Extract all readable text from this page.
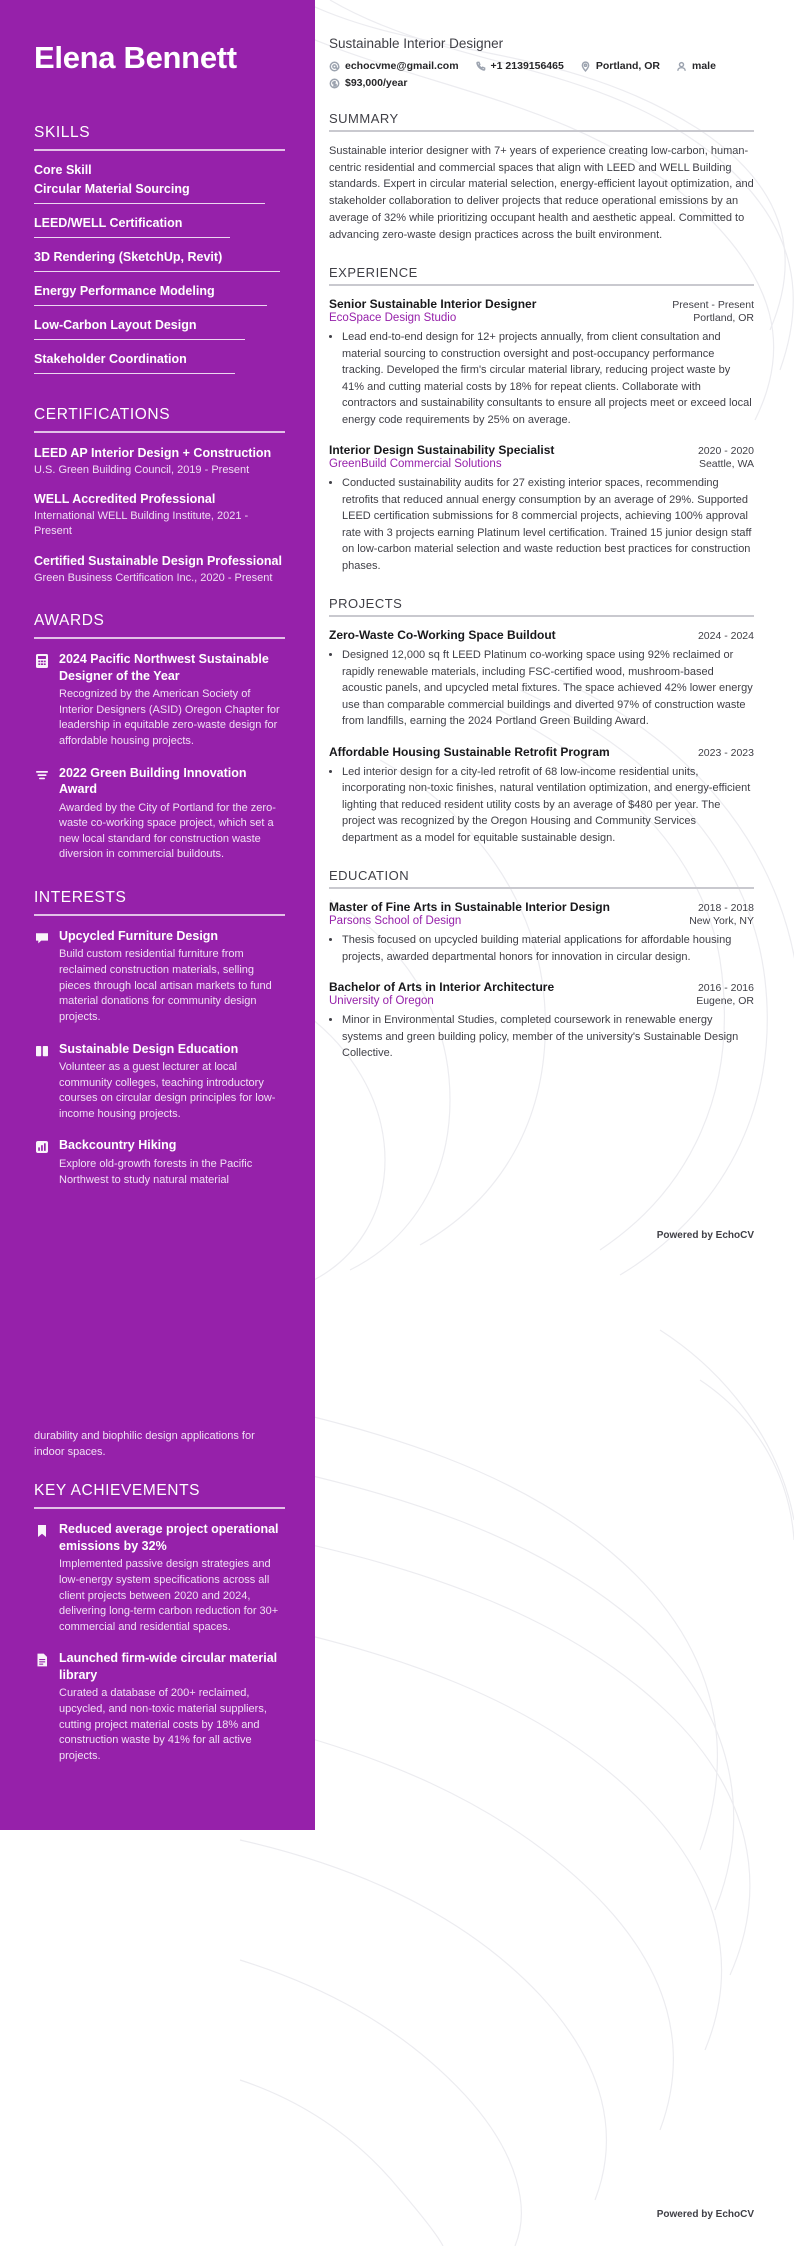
Elena Bennett
SKILLS
Core Skill
Circular Material Sourcing
LEED/WELL Certification
3D Rendering (SketchUp, Revit)
Energy Performance Modeling
Low-Carbon Layout Design
Stakeholder Coordination
CERTIFICATIONS
LEED AP Interior Design + Construction
U.S. Green Building Council, 2019 - Present
WELL Accredited Professional
International WELL Building Institute, 2021 - Present
Certified Sustainable Design Professional
Green Business Certification Inc., 2020 - Present
AWARDS
2024 Pacific Northwest Sustainable Designer of the Year
Recognized by the American Society of Interior Designers (ASID) Oregon Chapter for leadership in equitable zero-waste design for affordable housing projects.
2022 Green Building Innovation Award
Awarded by the City of Portland for the zero-waste co-working space project, which set a new local standard for construction waste diversion in commercial buildouts.
INTERESTS
Upcycled Furniture Design
Build custom residential furniture from reclaimed construction materials, selling pieces through local artisan markets to fund material donations for community design projects.
Sustainable Design Education
Volunteer as a guest lecturer at local community colleges, teaching introductory courses on circular design principles for low-income housing projects.
Backcountry Hiking
Explore old-growth forests in the Pacific Northwest to study natural material
durability and biophilic design applications for indoor spaces.
KEY ACHIEVEMENTS
Reduced average project operational emissions by 32%
Implemented passive design strategies and low-energy system specifications across all client projects between 2020 and 2024, delivering long-term carbon reduction for 30+ commercial and residential spaces.
Launched firm-wide circular material library
Curated a database of 200+ reclaimed, upcycled, and non-toxic material suppliers, cutting project material costs by 18% and construction waste by 41% for all active projects.
Sustainable Interior Designer
echocvme@gmail.com	+1 2139156465	Portland, OR	male
$93,000/year
SUMMARY

Sustainable interior designer with 7+ years of experience creating low-carbon, human-centric residential and commercial spaces that align with LEED and WELL Building standards. Expert in circular material selection, energy-efficient layout optimization, and stakeholder collaboration to deliver projects that reduce operational emissions by an average of 32% while prioritizing occupant health and aesthetic appeal. Committed to advancing zero-waste design practices across the built environment.

EXPERIENCE
Senior Sustainable Interior Designer	Present - Present
EcoSpace Design Studio	Portland, OR
• Lead end-to-end design for 12+ projects annually, from client consultation and material sourcing to construction oversight and post-occupancy performance tracking. Developed the firm's circular material library, reducing project waste by 41% and cutting material costs by 18% for repeat clients. Collaborate with contractors and sustainability consultants to ensure all projects meet or exceed local energy code requirements by 25% on average.
Interior Design Sustainability Specialist	2020 - 2020
GreenBuild Commercial Solutions	Seattle, WA
• Conducted sustainability audits for 27 existing interior spaces, recommending retrofits that reduced annual energy consumption by an average of 29%. Supported LEED certification submissions for 8 commercial projects, achieving 100% approval rate with 3 projects earning Platinum level certification. Trained 15 junior design staff on low-carbon material selection and waste reduction best practices for construction phases.
PROJECTS
Zero-Waste Co-Working Space Buildout	2024 - 2024
• Designed 12,000 sq ft LEED Platinum co-working space using 92% reclaimed or rapidly renewable materials, including FSC-certified wood, mushroom-based acoustic panels, and upcycled metal fixtures. The space achieved 42% lower energy use than comparable commercial buildings and diverted 97% of construction waste from landfills, earning the 2024 Portland Green Building Award.
Affordable Housing Sustainable Retrofit Program	2023 - 2023
• Led interior design for a city-led retrofit of 68 low-income residential units, incorporating non-toxic finishes, natural ventilation optimization, and energy-efficient lighting that reduced resident utility costs by an average of $480 per year. The project was recognized by the Oregon Housing and Community Services department as a model for equitable sustainable design.
EDUCATION
Master of Fine Arts in Sustainable Interior Design	2018 - 2018
Parsons School of Design	New York, NY
• Thesis focused on upcycled building material applications for affordable housing projects, awarded departmental honors for innovation in circular design.
Bachelor of Arts in Interior Architecture	2016 - 2016
University of Oregon	Eugene, OR
• Minor in Environmental Studies, completed coursework in renewable energy systems and green building policy, member of the university's Sustainable Design Collective.
Powered by EchoCV
Powered by EchoCV
